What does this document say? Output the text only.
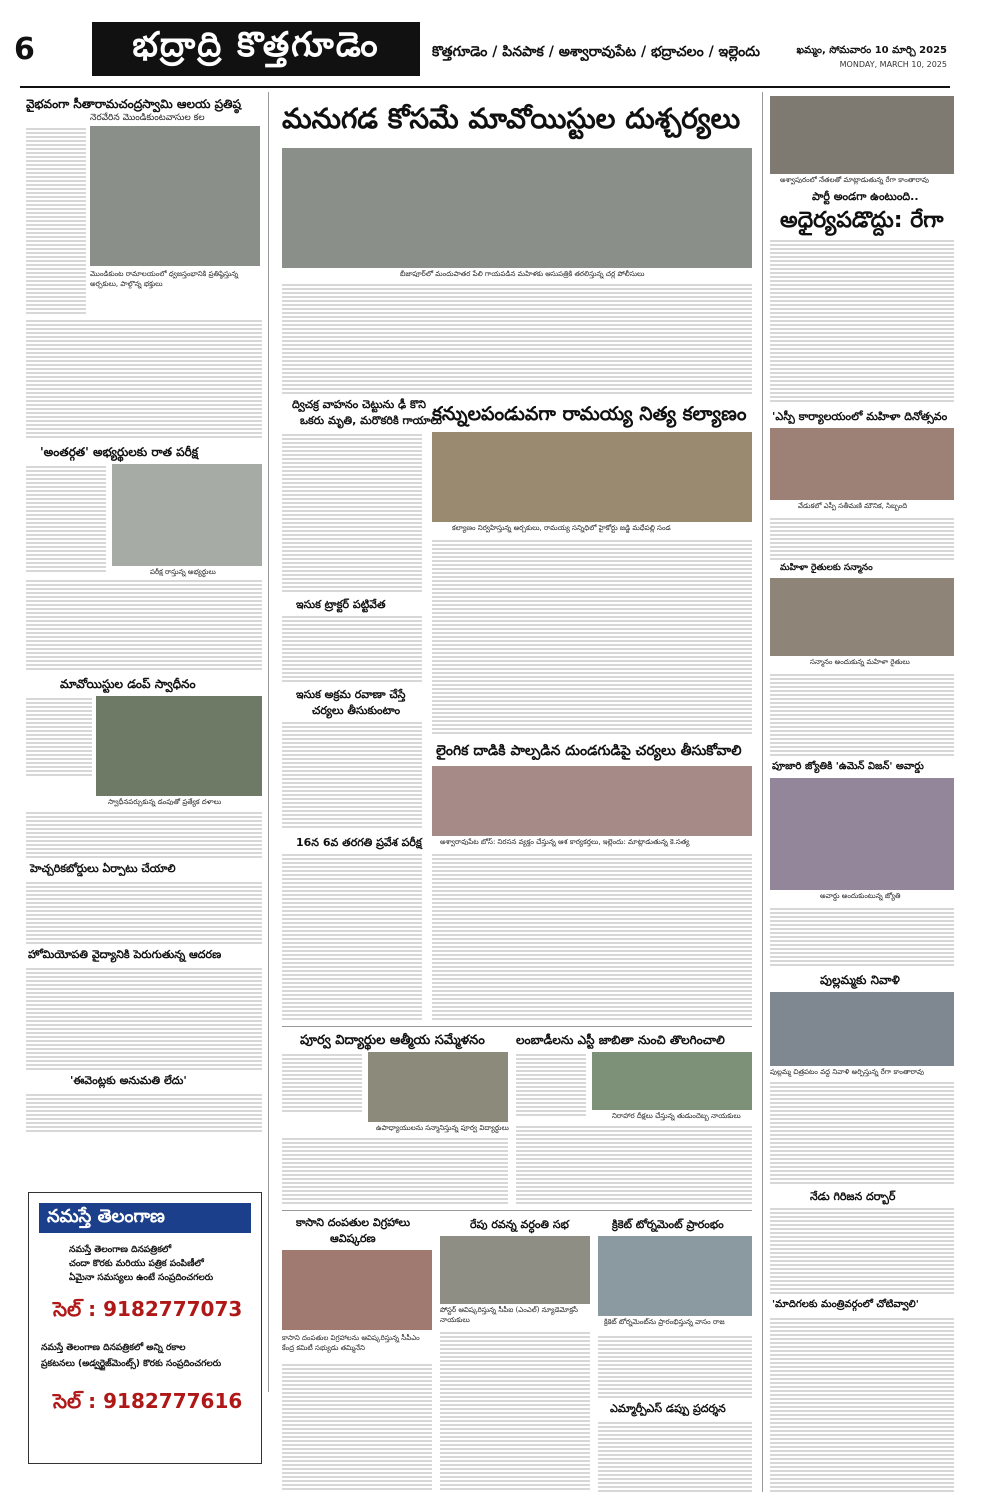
6	భద్రాద్రి కొత్తగూడెం	కొత్తగూడెం / పినపాక / అశ్వారావుపేట / భద్రాచలం / ఇల్లెందు	ఖమ్మం, సోమవారం 10 మార్చి 2025
MONDAY, MARCH 10, 2025
వైభవంగా సీతారామచంద్రస్వామి ఆలయ ప్రతిష్ఠ
నెరవేరిన మొండికుంటవాసుల కల
మొండికుంట రామాలయంలో ధ్వజస్తంభానికి ప్రతిష్ఠిస్తున్న అర్చకులు, పాల్గొన్న భక్తులు
'అంతర్గత' అభ్యర్థులకు రాత పరీక్ష
పరీక్ష రాస్తున్న అభ్యర్థులు
మావోయిస్టుల డంప్ స్వాధీనం
స్వాధీనపర్చుకున్న డంపుతో ప్రత్యేక దళాలు
హెచ్చరికబోర్డులు ఏర్పాటు చేయాలి
హోమియోపతి వైద్యానికి పెరుగుతున్న ఆదరణ
'ఈవెంట్లకు అనుమతి లేదు'
నమస్తే తెలంగాణ
నమస్తే తెలంగాణ దినపత్రికలో
చందా కొరకు మరియు పత్రిక పంపిణీలో
ఏమైనా సమస్యలు ఉంటే సంప్రదించగలరు
సెల్ : 9182777073
నమస్తే తెలంగాణ దినపత్రికలో అన్ని రకాల
ప్రకటనలు (అడ్వర్టైజ్‌మెంట్స్) కొరకు సంప్రదించగలరు
సెల్ : 9182777616
మనుగడ కోసమే మావోయిస్టుల దుశ్చర్యలు
బీజాపూర్‌లో మందుపాతర పేలి గాయపడిన మహిళకు ఆసుపత్రికి తరలిస్తున్న చర్ల పోలీసులు
ద్విచక్ర వాహనం చెట్టును ఢీ కొని
ఒకరు మృతి, మరొకరికి గాయాలు
ఇసుక ట్రాక్టర్ పట్టివేత
ఇసుక అక్రమ రవాణా చేస్తే
చర్యలు తీసుకుంటాం
16న 6వ తరగతి ప్రవేశ పరీక్ష
కన్నులపండువగా రామయ్య నిత్య కల్యాణం
కల్యాణం నిర్వహిస్తున్న అర్చకులు, రామయ్య సన్నిధిలో హైకోర్టు జడ్జి మధేపల్లి సండ
లైంగిక దాడికి పాల్పడిన దుండగుడిపై చర్యలు తీసుకోవాలి
అశ్వారావుపేట బోస్: నిరసన వ్యక్తం చేస్తున్న ఆశ కార్యకర్తలు, ఇల్లెందు: మాట్లాడుతున్న కె.సత్య
పూర్వ విద్యార్థుల ఆత్మీయ సమ్మేళనం
ఉపాధ్యాయులను సన్మానిస్తున్న పూర్వ విద్యార్థులు
లంబాడీలను ఎస్టీ జాబితా నుంచి తొలగించాలి
నిరాహార దీక్షలు చేస్తున్న తుడుందెబ్బ నాయకులు
కాసాని దంపతుల విగ్రహాలు
ఆవిష్కరణ
కాసాని దంపతుల విగ్రహాలను ఆవిష్కరిస్తున్న సీపీఎం కేంద్ర కమిటీ సభ్యుడు తమ్మినేని
రేపు రవన్న వర్ధంతి సభ
పోస్టర్ ఆవిష్కరిస్తున్న సీపీఐ (ఎంఎల్) న్యూడెమోక్రసీ నాయకులు
క్రికెట్ టోర్నమెంట్ ప్రారంభం
క్రికెట్ టోర్నమెంట్‌ను ప్రారంభిస్తున్న వాసం రాజ
ఎమ్మార్పీఎస్ డప్పు ప్రదర్శన
అశ్వాపురంలో నేతలతో మాట్లాడుతున్న రేగా కాంతారావు
పార్టీ అండగా ఉంటుంది..
అధైర్యపడొద్దు: రేగా
'ఎస్పీ కార్యాలయంలో మహిళా దినోత్సవం
వేడుకలో ఎస్పీ సతీమణి మౌనిక, సిబ్బంది
మహిళా రైతులకు సన్మానం
సన్మానం అందుకున్న మహిళా రైతులు
పూజారి జ్యోతికి 'ఉమెన్ విజన్' అవార్డు
అవార్డు అందుకుంటున్న జ్యోతి
పుల్లమ్మకు నివాళి
పుల్లమ్మ చిత్రపటం వద్ద నివాళి అర్పిస్తున్న రేగా కాంతారావు
నేడు గిరిజన దర్బార్
'మాదిగలకు మంత్రివర్గంలో చోటివ్వాలి'
